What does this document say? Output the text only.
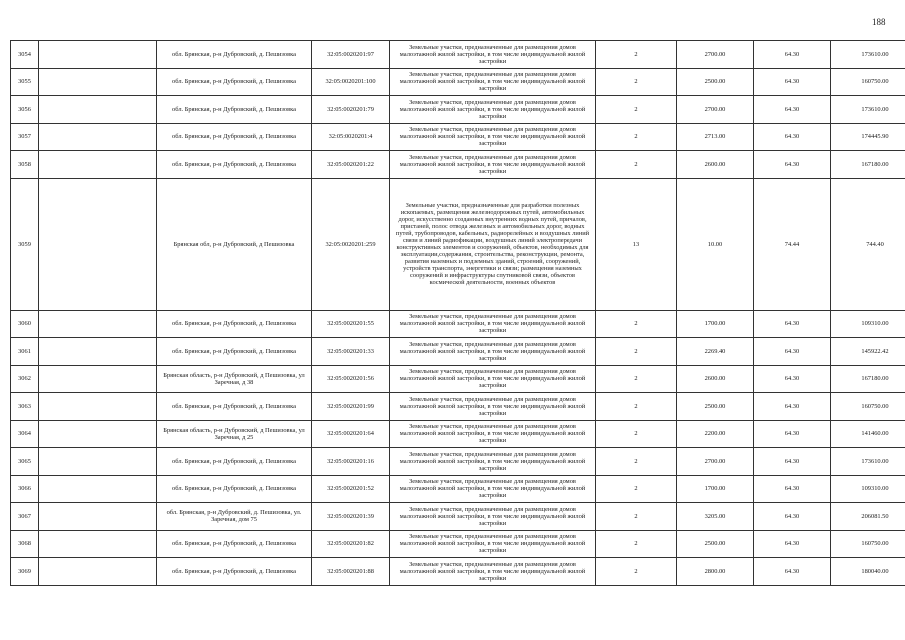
188
3054		обл. Брянская, р-н Дубровский, д. Пешизовка	32:05:0020201:97	Земельные участки, предназначенные для размещения домов малоэтажной жилой застройки, в том числе индивидуальной жилой застройки	2	2700.00	64.30	173610.00
3055		обл. Брянская, р-н Дубровский, д. Пешизовка	32:05:0020201:100	Земельные участки, предназначенные для размещения домов малоэтажной жилой застройки, в том числе индивидуальной жилой застройки	2	2500.00	64.30	160750.00
3056		обл. Брянская, р-н Дубровский, д. Пешизовка	32:05:0020201:79	Земельные участки, предназначенные для размещения домов малоэтажной жилой застройки, в том числе индивидуальной жилой застройки	2	2700.00	64.30	173610.00
3057		обл. Брянская, р-н Дубровский, д. Пешизовка	32:05:0020201:4	Земельные участки, предназначенные для размещения домов малоэтажной жилой застройки, в том числе индивидуальной жилой застройки	2	2713.00	64.30	174445.90
3058		обл. Брянская, р-н Дубровский, д. Пешизовка	32:05:0020201:22	Земельные участки, предназначенные для размещения домов малоэтажной жилой застройки, в том числе индивидуальной жилой застройки	2	2600.00	64.30	167180.00
3059		Брянская обл, р-н Дубровский, д Пешизовка	32:05:0020201:259	Земельные участки, предназначенные для разработки полезных ископаемых, размещения железнодорожных путей, автомобильных дорог, искусственно созданных внутренних водных путей, причалов, пристаней, полос отвода железных и автомобильных дорог, водных путей, трубопроводов, кабельных, радиорелейных и воздушных линий связи и линий радиофикации, воздушных линий электропередачи конструктивных элементов и сооружений, объектов, необходимых для эксплуатации,содержания, строительства, реконструкции, ремонта, развития наземных и подземных зданий, строений, сооружений, устройств транспорта, энергетики и связи; размещения наземных сооружений и инфраструктуры спутниковой связи, объектов космической деятельности, военных объектов	13	10.00	74.44	744.40
3060		обл. Брянская, р-н Дубровский, д. Пешизовка	32:05:0020201:55	Земельные участки, предназначенные для размещения домов малоэтажной жилой застройки, в том числе индивидуальной жилой застройки	2	1700.00	64.30	109310.00
3061		обл. Брянская, р-н Дубровский, д. Пешизовка	32:05:0020201:33	Земельные участки, предназначенные для размещения домов малоэтажной жилой застройки, в том числе индивидуальной жилой застройки	2	2269.40	64.30	145922.42
3062		Брянская область, р-н Дубровский, д Пешизовка, ул Заречная, д 38	32:05:0020201:56	Земельные участки, предназначенные для размещения домов малоэтажной жилой застройки, в том числе индивидуальной жилой застройки	2	2600.00	64.30	167180.00
3063		обл. Брянская, р-н Дубровский, д. Пешизовка	32:05:0020201:99	Земельные участки, предназначенные для размещения домов малоэтажной жилой застройки, в том числе индивидуальной жилой застройки	2	2500.00	64.30	160750.00
3064		Брянская область, р-н Дубровский, д Пешизовка, ул Заречная, д 25	32:05:0020201:64	Земельные участки, предназначенные для размещения домов малоэтажной жилой застройки, в том числе индивидуальной жилой застройки	2	2200.00	64.30	141460.00
3065		обл. Брянская, р-н Дубровский, д. Пешизовка	32:05:0020201:16	Земельные участки, предназначенные для размещения домов малоэтажной жилой застройки, в том числе индивидуальной жилой застройки	2	2700.00	64.30	173610.00
3066		обл. Брянская, р-н Дубровский, д. Пешизовка	32:05:0020201:52	Земельные участки, предназначенные для размещения домов малоэтажной жилой застройки, в том числе индивидуальной жилой застройки	2	1700.00	64.30	109310.00
3067		обл. Брянская, р-н Дубровский, д. Пешизовка, ул. Заречная, дом 75	32:05:0020201:39	Земельные участки, предназначенные для размещения домов малоэтажной жилой застройки, в том числе индивидуальной жилой застройки	2	3205.00	64.30	206081.50
3068		обл. Брянская, р-н Дубровский, д. Пешизовка	32:05:0020201:82	Земельные участки, предназначенные для размещения домов малоэтажной жилой застройки, в том числе индивидуальной жилой застройки	2	2500.00	64.30	160750.00
3069		обл. Брянская, р-н Дубровский, д. Пешизовка	32:05:0020201:88	Земельные участки, предназначенные для размещения домов малоэтажной жилой застройки, в том числе индивидуальной жилой застройки	2	2800.00	64.30	180040.00
